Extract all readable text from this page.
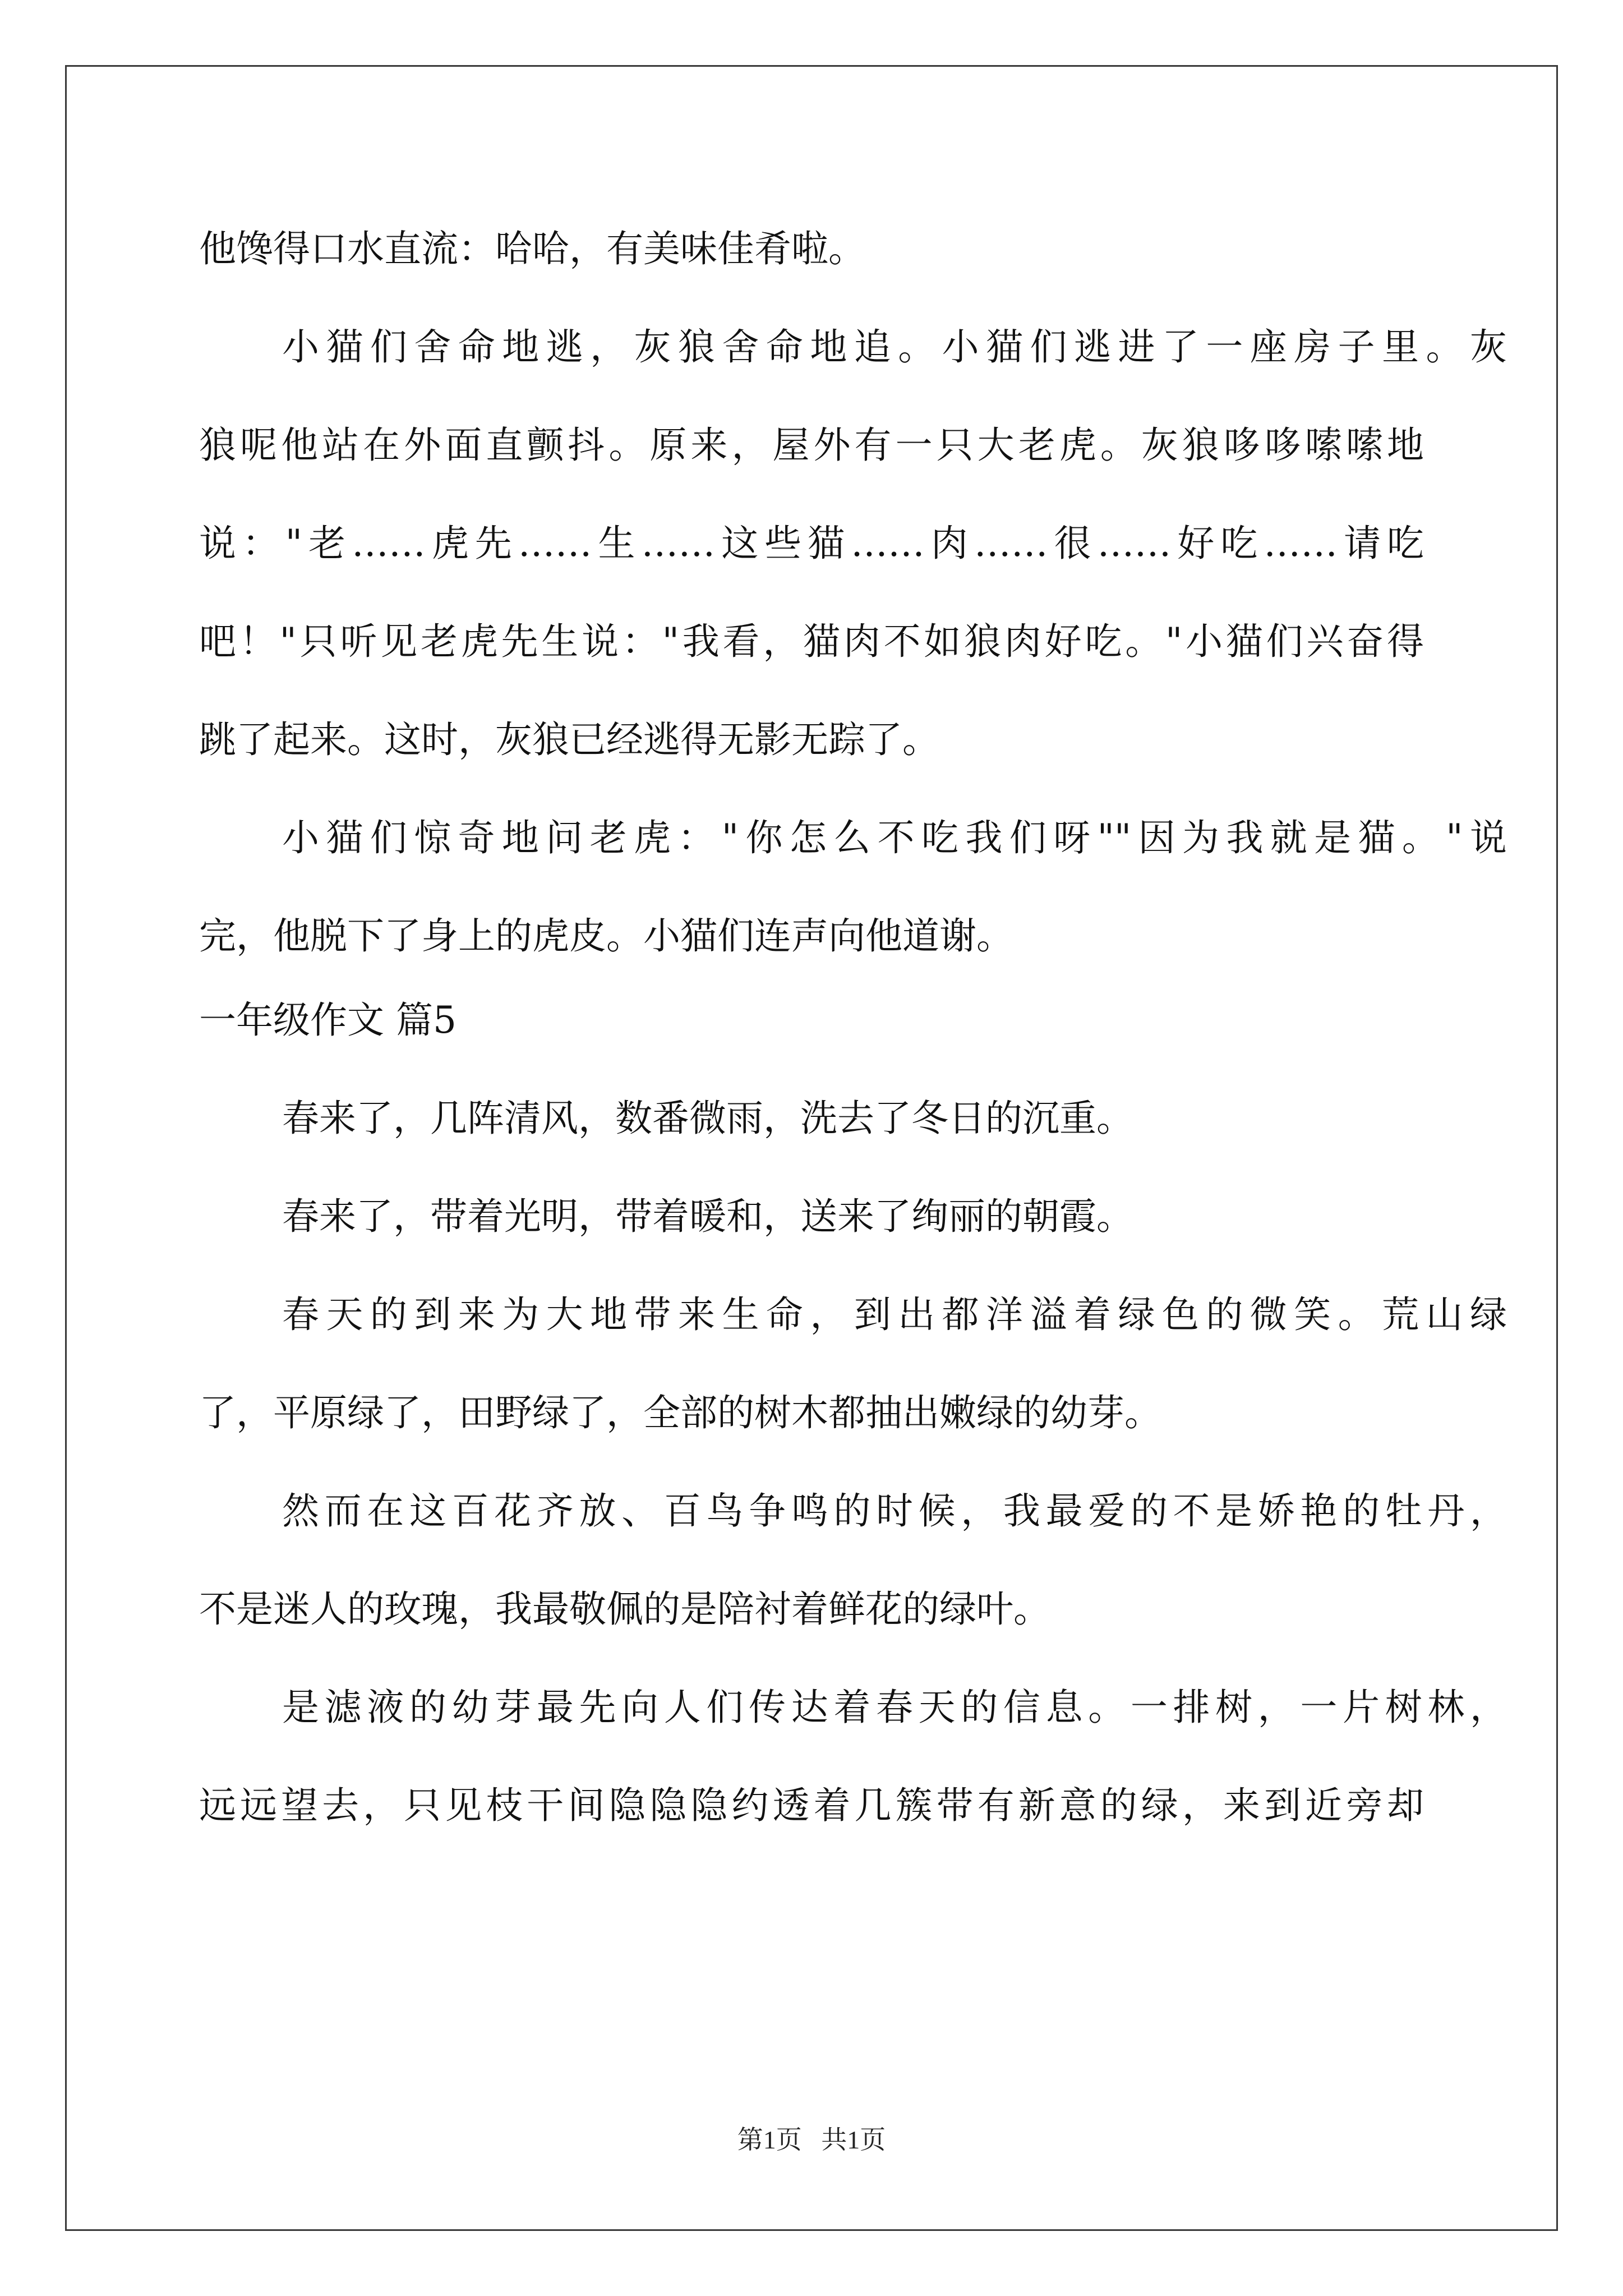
他馋得口水直流：哈哈，有美味佳肴啦。

小猫们舍命地逃，灰狼舍命地追。小猫们逃进了一座房子里。灰

狼呢他站在外面直颤抖。原来，屋外有一只大老虎。灰狼哆哆嗦嗦地

说："老……虎先……生……这些猫……肉……很……好吃……请吃

吧！"只听见老虎先生说："我看，猫肉不如狼肉好吃。"小猫们兴奋得

跳了起来。这时，灰狼已经逃得无影无踪了。

小猫们惊奇地问老虎："你怎么不吃我们呀""因为我就是猫。"说

完，他脱下了身上的虎皮。小猫们连声向他道谢。

一年级作文 篇5

春来了，几阵清风，数番微雨，洗去了冬日的沉重。

春来了，带着光明，带着暖和，送来了绚丽的朝霞。

春天的到来为大地带来生命，到出都洋溢着绿色的微笑。荒山绿

了，平原绿了，田野绿了，全部的树木都抽出嫩绿的幼芽。

然而在这百花齐放、百鸟争鸣的时候，我最爱的不是娇艳的牡丹，

不是迷人的玫瑰，我最敬佩的是陪衬着鲜花的绿叶。

是滤液的幼芽最先向人们传达着春天的信息。一排树，一片树林，

远远望去，只见枝干间隐隐隐约透着几簇带有新意的绿，来到近旁却

第1页   共1页
